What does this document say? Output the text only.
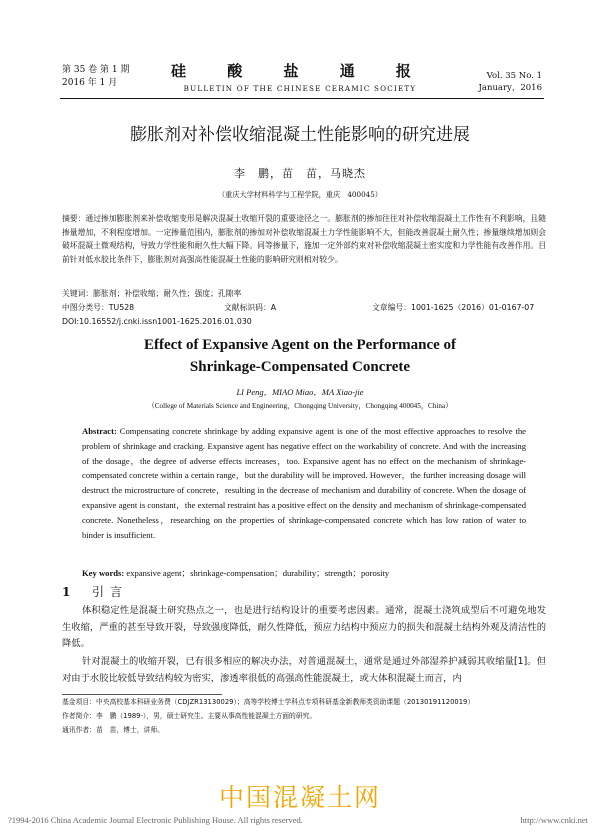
第 35 卷 第 1 期
2016 年 1 月
硅 酸 盐 通 报
BULLETIN OF THE CHINESE CERAMIC SOCIETY
Vol. 35 No. 1
January，2016
膨胀剂对补偿收缩混凝土性能影响的研究进展
李　鹏，苗　苗，马晓杰
（重庆大学材料科学与工程学院，重庆　400045）
摘要：通过掺加膨胀剂来补偿收缩变形是解决混凝土收缩开裂的重要途径之一。膨胀剂的掺加往往对补偿收缩混凝土工作性有不利影响，且随掺量增加，不利程度增加。一定掺量范围内，膨胀剂的掺加对补偿收缩混凝土力学性能影响不大，但能改善混凝土耐久性；掺量继续增加则会破坏混凝土微观结构，导致力学性能和耐久性大幅下降。同等掺量下，施加一定外部约束对补偿收缩混凝土密实度和力学性能有改善作用。目前针对低水胶比条件下，膨胀剂对高强高性能混凝土性能的影响研究则相对较少。
关键词：膨胀剂；补偿收缩；耐久性；强度；孔隙率
中图分类号：TU528	文献标识码：A	文章编号：1001-1625（2016）01-0167-07
DOI:10.16552/j.cnki.issn1001-1625.2016.01.030
Effect of Expansive Agent on the Performance of
Shrinkage-Compensated Concrete
LI Peng，MIAO Miao，MA Xiao-jie
（College of Materials Science and Engineering，Chongqing University，Chongqing 400045，China）
Abstract: Compensating concrete shrinkage by adding expansive agent is one of the most effective approaches to resolve the problem of shrinkage and cracking. Expansive agent has negative effect on the workability of concrete. And with the increasing of the dosage，the degree of adverse effects increases，too. Expansive agent has no effect on the mechanism of shrinkage-compensated concrete within a certain range，but the durability will be improved. However，the further increasing dosage will destruct the microstructure of concrete，resulting in the decrease of mechanism and durability of concrete. When the dosage of expansive agent is constant，the external restraint has a positive effect on the density and mechanism of shrinkage-compensated concrete. Nonetheless，researching on the properties of shrinkage-compensated concrete which has low ration of water to binder is insufficient.
Key words: expansive agent；shrinkage-compensation；durability；strength；porosity
1 引言
体积稳定性是混凝土研究热点之一，也是进行结构设计的重要考虑因素。通常，混凝土浇筑成型后不可避免地发生收缩，严重的甚至导致开裂，导致强度降低，耐久性降低，预应力结构中预应力的损失和混凝土结构外观及清洁性的降低。
针对混凝土的收缩开裂，已有很多相应的解决办法，对普通混凝土，通常是通过外部湿养护减弱其收缩量[1]。但对由于水胶比较低导致结构较为密实，渗透率很低的高强高性能混凝土，或大体积混凝土而言，内
基金项目：中央高校基本科研业务费（CDJZR13130029）；高等学校博士学科点专项科研基金新教师类资助课题（20130191120019）
作者简介：李　鹏（1989-），男，硕士研究生。主要从事高性能混凝土方面的研究。
通讯作者：苗　苗，博士，讲师。
中国混凝土网
?1994-2016 China Academic Journal Electronic Publishing House. All rights reserved.	http://www.cnki.net
